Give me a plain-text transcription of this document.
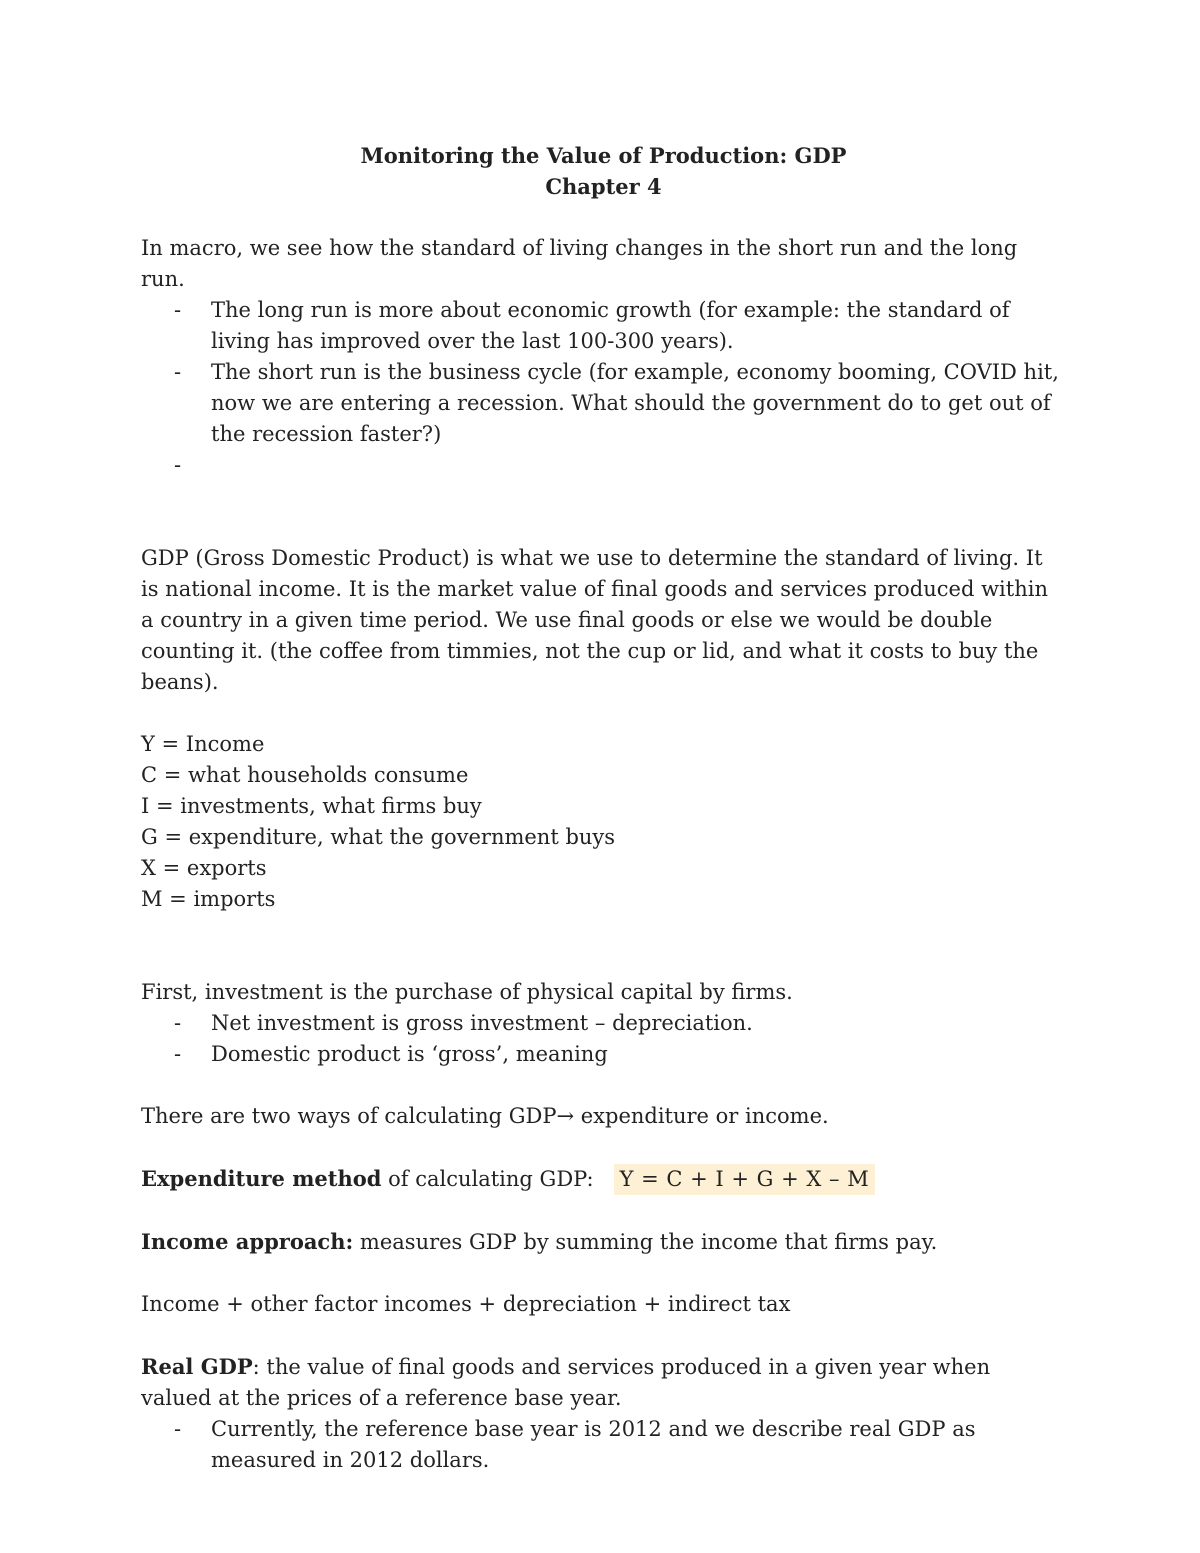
Monitoring the Value of Production: GDP
Chapter 4

In macro, we see how the standard of living changes in the short run and the long run.

- The long run is more about economic growth (for example: the standard of living has improved over the last 100-300 years).
- The short run is the business cycle (for example, economy booming, COVID hit, now we are entering a recession. What should the government do to get out of the recession faster?)
-

GDP (Gross Domestic Product) is what we use to determine the standard of living. It is national income. It is the market value of final goods and services produced within a country in a given time period. We use final goods or else we would be double counting it. (the coffee from timmies, not the cup or lid, and what it costs to buy the beans).

Y = Income
C = what households consume
I = investments, what firms buy
G = expenditure, what the government buys
X = exports
M = imports

First, investment is the purchase of physical capital by firms.

- Net investment is gross investment – depreciation.
- Domestic product is ‘gross’, meaning

There are two ways of calculating GDP→ expenditure or income.

Expenditure method of calculating GDP: Y = C + I + G + X – M

Income approach: measures GDP by summing the income that firms pay.

Income + other factor incomes + depreciation + indirect tax

Real GDP: the value of final goods and services produced in a given year when valued at the prices of a reference base year.

- Currently, the reference base year is 2012 and we describe real GDP as measured in 2012 dollars.
